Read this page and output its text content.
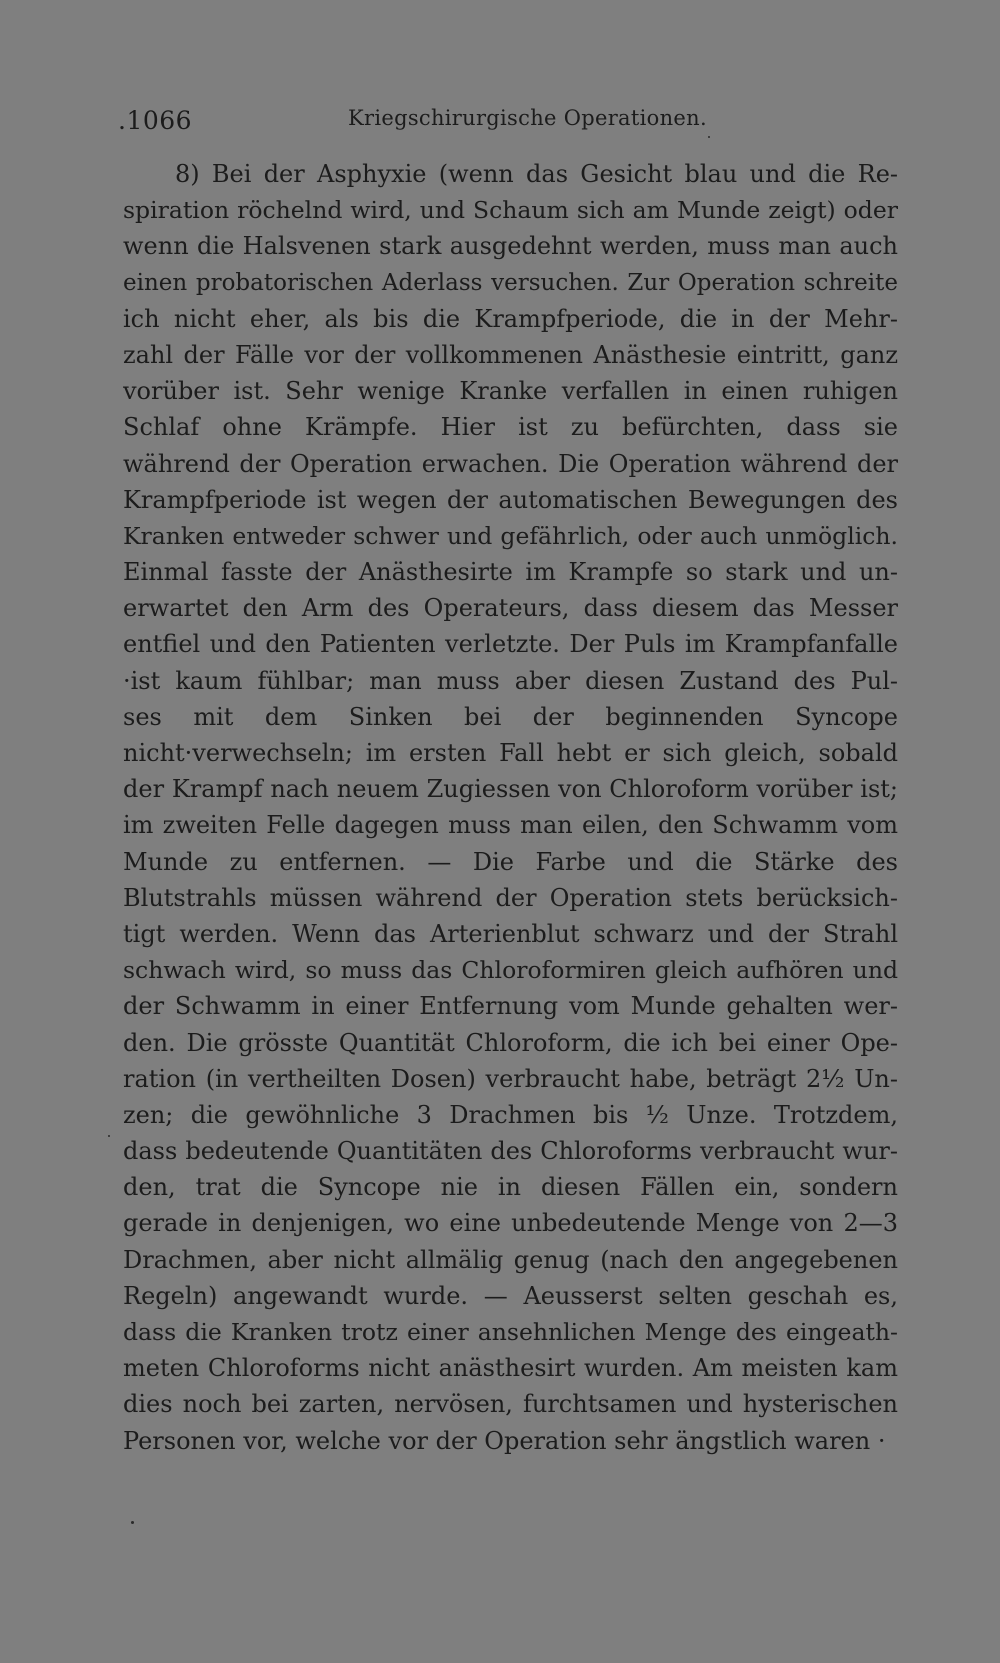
.1066	Kriegschirurgische Operationen.
8) Bei der Asphyxie (wenn das Gesicht blau und die Re-
spiration röchelnd wird, und Schaum sich am Munde zeigt) oder
wenn die Halsvenen stark ausgedehnt werden, muss man auch
einen probatorischen Aderlass versuchen. Zur Operation schreite
ich nicht eher, als bis die Krampfperiode, die in der Mehr-
zahl der Fälle vor der vollkommenen Anästhesie eintritt, ganz
vorüber ist. Sehr wenige Kranke verfallen in einen ruhigen
Schlaf ohne Krämpfe. Hier ist zu befürchten, dass sie
während der Operation erwachen. Die Operation während der
Krampfperiode ist wegen der automatischen Bewegungen des
Kranken entweder schwer und gefährlich, oder auch unmöglich.
Einmal fasste der Anästhesirte im Krampfe so stark und un-
erwartet den Arm des Operateurs, dass diesem das Messer
entfiel und den Patienten verletzte. Der Puls im Krampfanfalle
·ist kaum fühlbar; man muss aber diesen Zustand des Pul-
ses mit dem Sinken bei der beginnenden Syncope
nicht·verwechseln; im ersten Fall hebt er sich gleich, sobald
der Krampf nach neuem Zugiessen von Chloroform vorüber ist;
im zweiten Felle dagegen muss man eilen, den Schwamm vom
Munde zu entfernen. — Die Farbe und die Stärke des
Blutstrahls müssen während der Operation stets berücksich-
tigt werden. Wenn das Arterienblut schwarz und der Strahl
schwach wird, so muss das Chloroformiren gleich aufhören und
der Schwamm in einer Entfernung vom Munde gehalten wer-
den. Die grösste Quantität Chloroform, die ich bei einer Ope-
ration (in vertheilten Dosen) verbraucht habe, beträgt 2½ Un-
zen; die gewöhnliche 3 Drachmen bis ½ Unze. Trotzdem,
dass bedeutende Quantitäten des Chloroforms verbraucht wur-
den, trat die Syncope nie in diesen Fällen ein, sondern
gerade in denjenigen, wo eine unbedeutende Menge von 2—3
Drachmen, aber nicht allmälig genug (nach den angegebenen
Regeln) angewandt wurde. — Aeusserst selten geschah es,
dass die Kranken trotz einer ansehnlichen Menge des eingeath-
meten Chloroforms nicht anästhesirt wurden. Am meisten kam
dies noch bei zarten, nervösen, furchtsamen und hysterischen
Personen vor, welche vor der Operation sehr ängstlich waren ·
